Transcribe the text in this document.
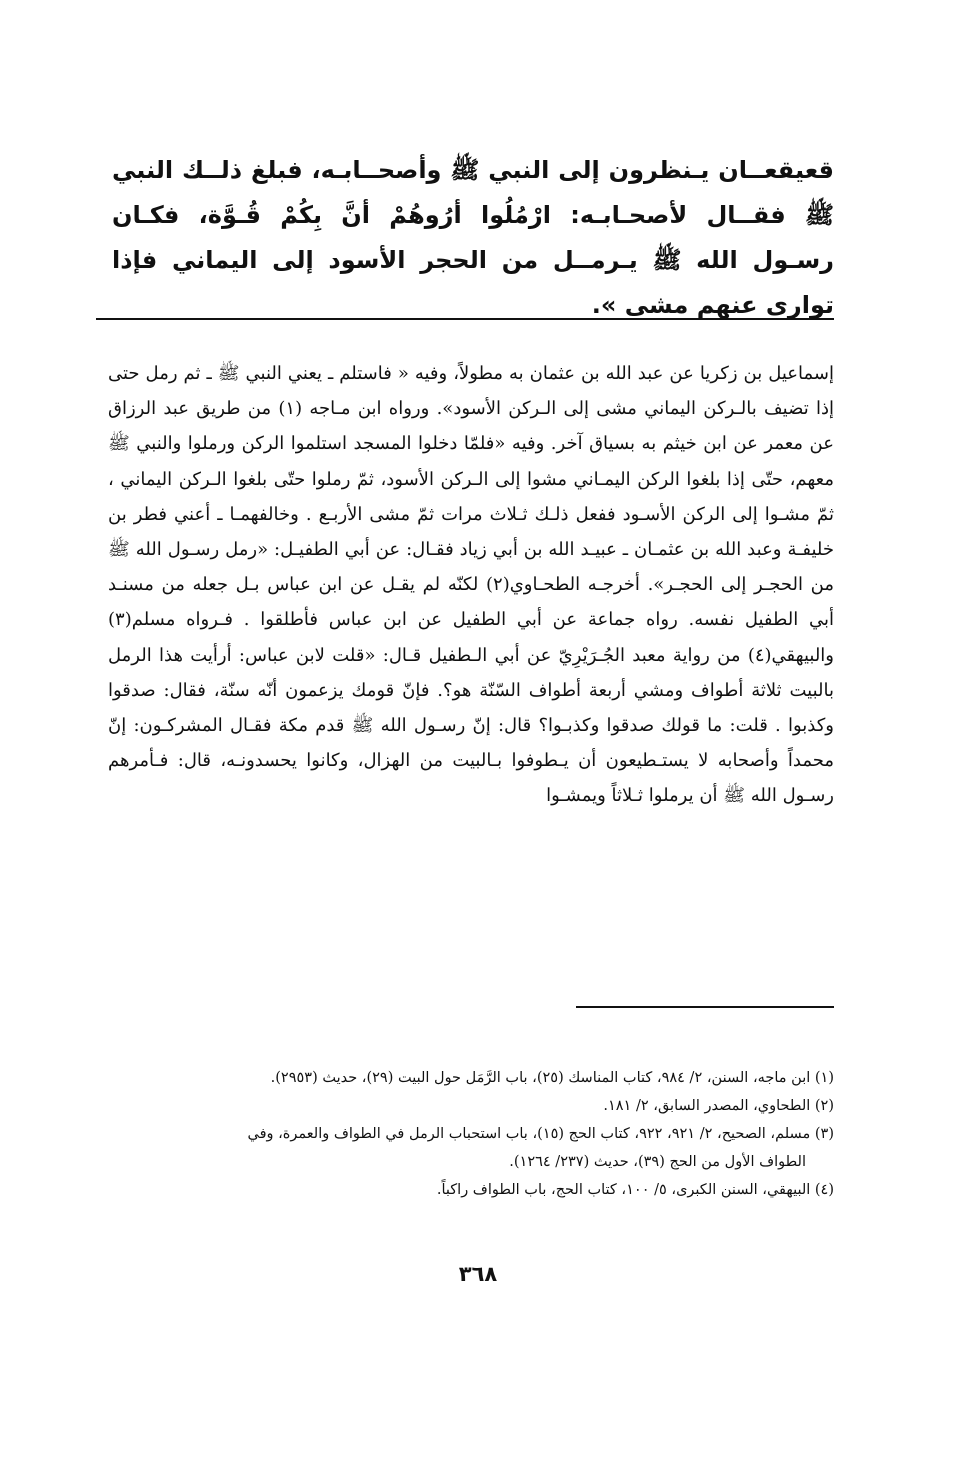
قعيقعــان يـنظرون إلى النبي ﷺ وأصحــابـه، فبلغ ذلــك النبي ﷺ فقــال لأصحـابـه: ارْمُلُوا أرُوهُمْ أنَّ بِكُمْ قُـوَّة، فكـان رسـول الله ﷺ يـرمــل من الحجر الأسود إلى اليماني فإذا توارى عنهم مشى ».

إسماعيل بن زكريا عن عبد الله بن عثمان به مطولاً، وفيه « فاستلم ـ يعني النبي ﷺ ـ ثم رمل حتى إذا تضيف بالـركن اليماني مشى إلى الـركن الأسود». ورواه ابن مـاجه (١) من طريق عبد الرزاق عن معمر عن ابن خيثم به بسياق آخر. وفيه «فلمّا دخلوا المسجد استلموا الركن ورملوا والنبي ﷺ معهم، حتّى إذا بلغوا الركن اليمـاني مشوا إلى الـركن الأسود، ثمّ رملوا حتّى بلغوا الـركن اليماني ، ثمّ مشـوا إلى الركن الأسـود ففعل ذلـك ثـلاث مرات ثمّ مشى الأربـع . وخالفهمـا ـ أعني فطر بن خليفـة وعبد الله بن عثمـان ـ عبيـد الله بن أبي زياد فقـال: عن أبي الطفيـل: «رمل رسـول الله ﷺ من الحجـر إلى الحجـر». أخرجـه الطحـاوي(٢) لكنّه لم يقـل عن ابن عباس بـل جعله من مسنـد أبي الطفيل نفسه. رواه جماعة عن أبي الطفيل عن ابن عباس فأطلقوا . فـرواه مسلم(٣) والبيهقي(٤) من رواية معبد الجُـرَيْرِيّ عن أبي الـطفيل قـال: «قلت لابن عباس: أرأيت هذا الرمل بالبيت ثلاثة أطواف ومشي أربعة أطواف السّنّة هو؟. فإنّ قومك يزعمون أنّه سنّة، فقال: صدقوا وكذبوا . قلت: ما قولك صدقوا وكذبـوا؟ قال: إنّ رسـول الله ﷺ قدم مكة فقـال المشركـون: إنّ محمداً وأصحابه لا يستـطيعون أن يـطوفوا بـالبيت من الهزال، وكانوا يحسدونـه، قال: فـأمرهم رسـول الله ﷺ أن يرملوا ثـلاثاً ويمشـوا

(١) ابن ماجه، السنن، ٢/ ٩٨٤، كتاب المناسك (٢٥)، باب الرَّمَل حول البيت (٢٩)، حديث (٢٩٥٣).
(٢) الطحاوي، المصدر السابق، ٢/ ١٨١.
(٣) مسلم، الصحيح، ٢/ ٩٢١، ٩٢٢، كتاب الحج (١٥)، باب استحباب الرمل في الطواف والعمرة، وفي
الطواف الأول من الحج (٣٩)، حديث (٢٣٧/ ١٢٦٤).
(٤) البيهقي، السنن الكبرى، ٥/ ١٠٠، كتاب الحج، باب الطواف راكباً.
٣٦٨
